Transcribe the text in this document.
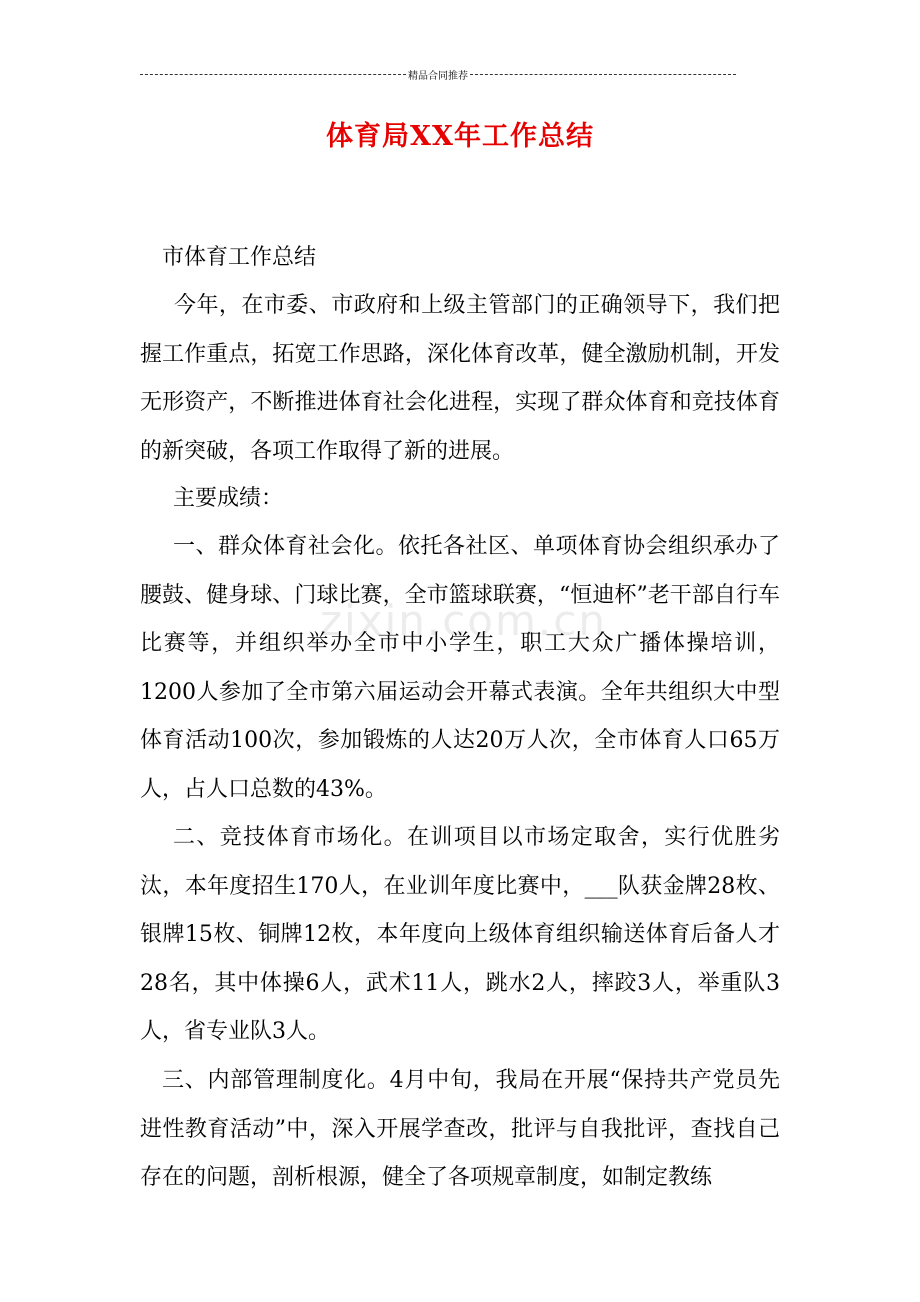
精品合同推荐
zixin.com.cn
体育局XX年工作总结
市体育工作总结

今年，在市委、市政府和上级主管部门的正确领导下，我们把握工作重点，拓宽工作思路，深化体育改革，健全激励机制，开发无形资产，不断推进体育社会化进程，实现了群众体育和竞技体育的新突破，各项工作取得了新的进展。

主要成绩：

一、群众体育社会化。依托各社区、单项体育协会组织承办了腰鼓、健身球、门球比赛，全市篮球联赛，“恒迪杯”老干部自行车比赛等，并组织举办全市中小学生，职工大众广播体操培训，1200人参加了全市第六届运动会开幕式表演。全年共组织大中型体育活动100次，参加锻炼的人达20万人次，全市体育人口65万人，占人口总数的43%。

二、竞技体育市场化。在训项目以市场定取舍，实行优胜劣汰，本年度招生170人，在业训年度比赛中，___队获金牌28枚、银牌15枚、铜牌12枚，本年度向上级体育组织输送体育后备人才28名，其中体操6人，武术11人，跳水2人，摔跤3人，举重队3人，省专业队3人。

三、内部管理制度化。4月中旬，我局在开展“保持共产党员先进性教育活动”中，深入开展学查改，批评与自我批评，查找自己存在的问题，剖析根源，健全了各项规章制度，如制定教练
